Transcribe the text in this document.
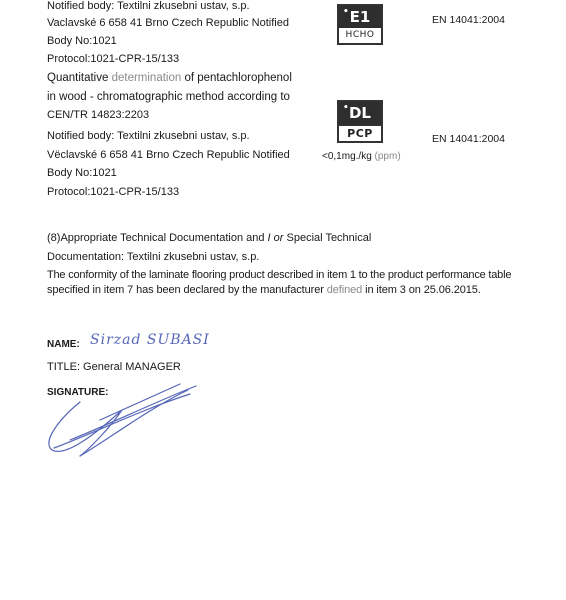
Notified body: Textilni zkusebni ustav, s.p.

Vaclavské 6 658 41 Brno Czech Republic Notified

Body No:1021

Protocol:1021-CPR-15/133

• E1
HCHO
EN 14041:2004

Quantitative determination of pentachlorophenol

in wood - chromatographic method according to

CEN/TR 14823:2203

Notified body: Textilni zkusebni ustav, s.p.

Vëclavské 6 658 41 Brno Czech Republic Notified

Body No:1021

Protocol:1021-CPR-15/133

• DL
PCP
<0,1mg./kg (ppm)
EN 14041:2004

(8)Appropriate Technical Documentation and I or Special Technical

Documentation: Textilni zkusebni ustav, s.p.

The conformity of the laminate flooring product described in item 1 to the product performance table

specified in item 7 has been declared by the manufacturer defined in item 3 on 25.06.2015.

NAME: Sirzad SUBASI

TITLE: General MANAGER

SIGNATURE:
